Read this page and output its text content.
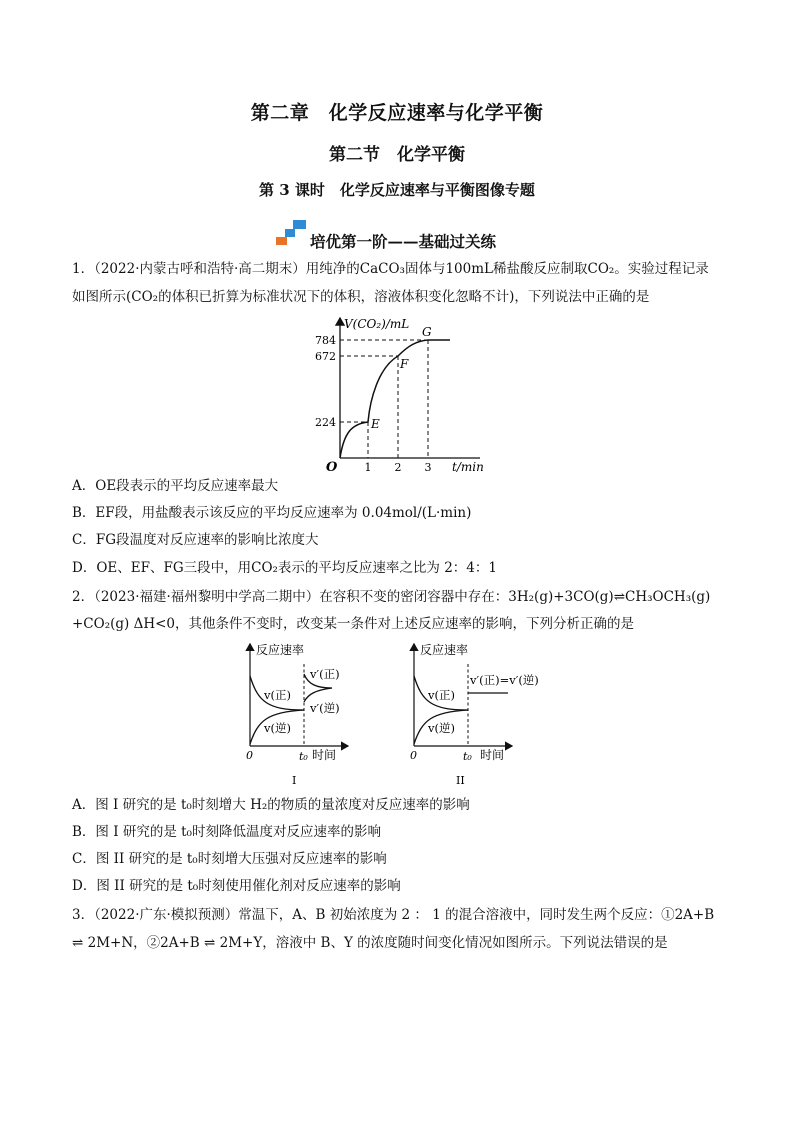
第二章　化学反应速率与化学平衡
第二节　化学平衡
第 3 课时　化学反应速率与平衡图像专题
培优第一阶——基础过关练
1．（2022·内蒙古呼和浩特·高二期末）用纯净的CaCO₃固体与100mL稀盐酸反应制取CO₂。实验过程记录
如图所示(CO₂的体积已折算为标准状况下的体积，溶液体积变化忽略不计)，下列说法中正确的是
V(CO₂)/mL
t/min
O
784
672
224
1 2 3
E
F
G
A．OE段表示的平均反应速率最大
B．EF段，用盐酸表示该反应的平均反应速率为 0.04mol/(L·min)
C．FG段温度对反应速率的影响比浓度大
D．OE、EF、FG三段中，用CO₂表示的平均反应速率之比为 2：4：1
2．（2023·福建·福州黎明中学高二期中）在容积不变的密闭容器中存在：3H₂(g)+3CO(g)⇌CH₃OCH₃(g)
+CO₂(g) ΔH<0，其他条件不变时，改变某一条件对上述反应速率的影响，下列分析正确的是
反应速率
时间
0	t₀
v(正)
v(逆)
v′(正)
v′(逆)
I
反应速率
时间
0	t₀
v(正)
v(逆)
v′(正)=v′(逆)
II
A．图 I 研究的是 t₀时刻增大 H₂的物质的量浓度对反应速率的影响
B．图 I 研究的是 t₀时刻降低温度对反应速率的影响
C．图 II 研究的是 t₀时刻增大压强对反应速率的影响
D．图 II 研究的是 t₀时刻使用催化剂对反应速率的影响
3．（2022·广东·模拟预测）常温下，A、B 初始浓度为 2 ： 1 的混合溶液中，同时发生两个反应：①2A+B
⇌ 2M+N，②2A+B ⇌ 2M+Y，溶液中 B、Y 的浓度随时间变化情况如图所示。下列说法错误的是
